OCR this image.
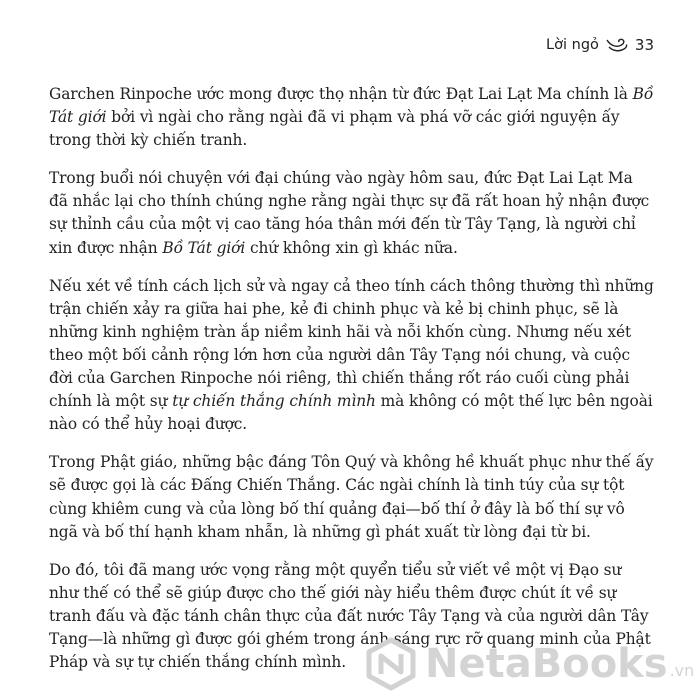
Lời ngỏ 33

Garchen Rinpoche ước mong được thọ nhận từ đức Đạt Lai Lạt Ma chính là Bồ Tát giới bởi vì ngài cho rằng ngài đã vi phạm và phá vỡ các giới nguyện ấy trong thời kỳ chiến tranh.

Trong buổi nói chuyện với đại chúng vào ngày hôm sau, đức Đạt Lai Lạt Ma đã nhắc lại cho thính chúng nghe rằng ngài thực sự đã rất hoan hỷ nhận được sự thỉnh cầu của một vị cao tăng hóa thân mới đến từ Tây Tạng, là người chỉ xin được nhận Bồ Tát giới chứ không xin gì khác nữa.

Nếu xét về tính cách lịch sử và ngay cả theo tính cách thông thường thì những trận chiến xảy ra giữa hai phe, kẻ đi chinh phục và kẻ bị chinh phục, sẽ là những kinh nghiệm tràn ắp niềm kinh hãi và nỗi khốn cùng. Nhưng nếu xét theo một bối cảnh rộng lớn hơn của người dân Tây Tạng nói chung, và cuộc đời của Garchen Rinpoche nói riêng, thì chiến thắng rốt ráo cuối cùng phải chính là một sự tự chiến thắng chính mình mà không có một thế lực bên ngoài nào có thể hủy hoại được.

Trong Phật giáo, những bậc đáng Tôn Quý và không hề khuất phục như thế ấy sẽ được gọi là các Đấng Chiến Thắng. Các ngài chính là tinh túy của sự tột cùng khiêm cung và của lòng bố thí quảng đại—bố thí ở đây là bố thí sự vô ngã và bố thí hạnh kham nhẫn, là những gì phát xuất từ lòng đại từ bi.

Do đó, tôi đã mang ước vọng rằng một quyển tiểu sử viết về một vị Đạo sư như thế có thể sẽ giúp được cho thế giới này hiểu thêm được chút ít về sự tranh đấu và đặc tánh chân thực của đất nước Tây Tạng và của người dân Tây Tạng—là những gì được gói ghém trong ánh sáng rực rỡ quang minh của Phật Pháp và sự tự chiến thắng chính mình.	NetaBooks .vn
